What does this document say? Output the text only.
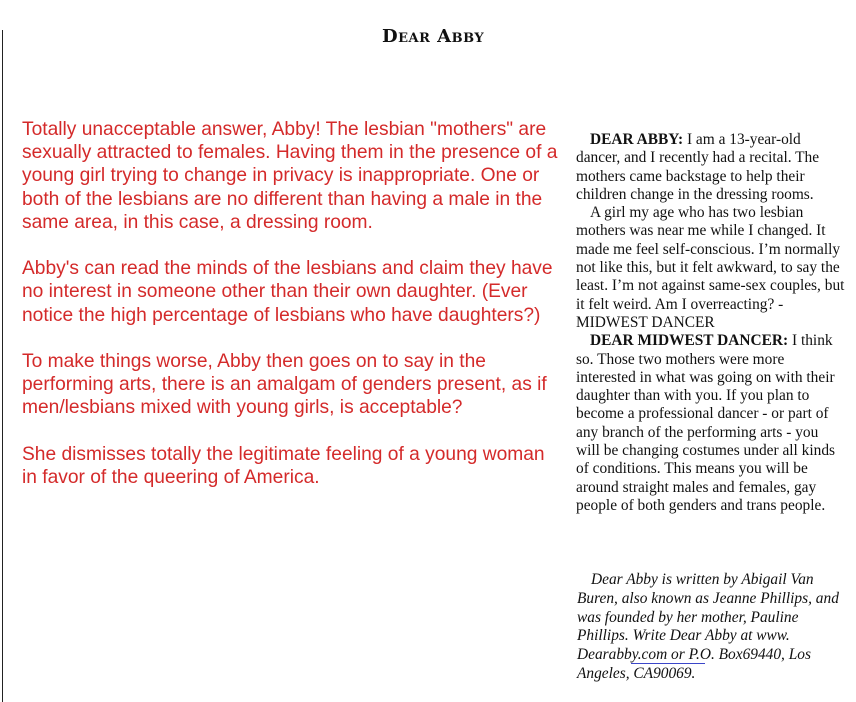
Dear Abby

Totally unacceptable answer, Abby! The lesbian "mothers" are sexually attracted to females. Having them in the presence of a young girl trying to change in privacy is inappropriate. One or both of the lesbians are no different than having a male in the same area, in this case, a dressing room.

Abby's can read the minds of the lesbians and claim they have no interest in someone other than their own daughter. (Ever notice the high percentage of lesbians who have daughters?)

To make things worse, Abby then goes on to say in the performing arts, there is an amalgam of genders present, as if men/lesbians mixed with young girls, is acceptable?

She dismisses totally the legitimate feeling of a young woman in favor of the queering of America.

DEAR ABBY: I am a 13-year-old dancer, and I recently had a recital. The mothers came backstage to help their children change in the dressing rooms.

A girl my age who has two lesbian mothers was near me while I changed. It made me feel self-conscious. I’m normally not like this, but it felt awkward, to say the least. I’m not against same-sex couples, but it felt weird. Am I overreacting? - MIDWEST DANCER

DEAR MIDWEST DANCER: I think so. Those two mothers were more interested in what was going on with their daughter than with you. If you plan to become a professional dancer - or part of any branch of the performing arts - you will be changing costumes under all kinds of conditions. This means you will be around straight males and females, gay people of both genders and trans people.

Dear Abby is written by Abigail Van Buren, also known as Jeanne Phillips, and was founded by her mother, Pauline Phillips. Write Dear Abby at www. Dearabby.com or P.O. Box69440, Los Angeles, CA90069.
